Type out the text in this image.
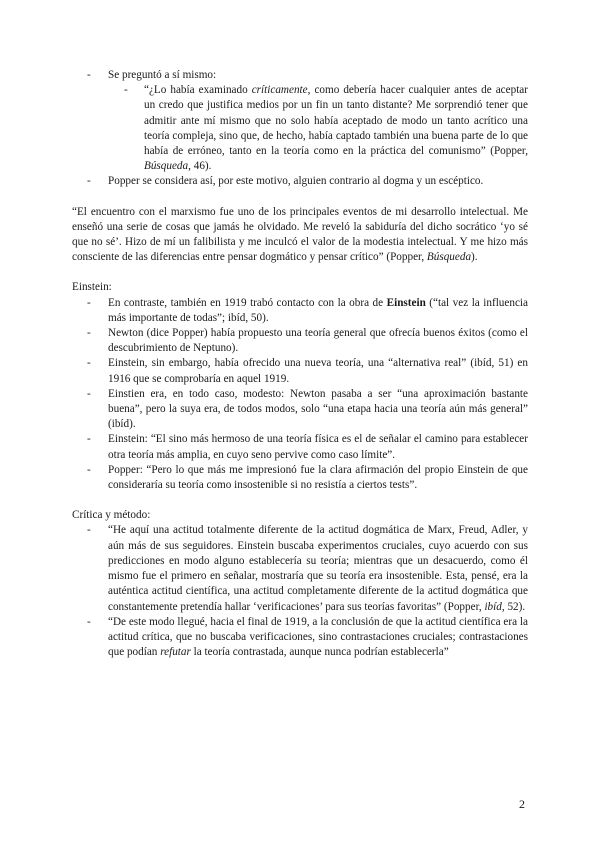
- Se preguntó a sí mismo:
- “¿Lo había examinado críticamente, como debería hacer cualquier antes de aceptar un credo que justifica medios por un fin un tanto distante? Me sorprendió tener que admitir ante mí mismo que no solo había aceptado de modo un tanto acrítico una teoría compleja, sino que, de hecho, había captado también una buena parte de lo que había de erróneo, tanto en la teoría como en la práctica del comunismo” (Popper, Búsqueda, 46).
- Popper se considera así, por este motivo, alguien contrario al dogma y un escéptico.
“El encuentro con el marxismo fue uno de los principales eventos de mi desarrollo intelectual. Me enseñó una serie de cosas que jamás he olvidado. Me reveló la sabiduría del dicho socrático ‘yo sé que no sé’. Hizo de mí un falibilista y me inculcó el valor de la modestia intelectual. Y me hizo más consciente de las diferencias entre pensar dogmático y pensar crítico” (Popper, Búsqueda).
Einstein:
- En contraste, también en 1919 trabó contacto con la obra de Einstein (“tal vez la influencia más importante de todas”; ibíd, 50).
- Newton (dice Popper) había propuesto una teoría general que ofrecía buenos éxitos (como el descubrimiento de Neptuno).
- Einstein, sin embargo, había ofrecido una nueva teoría, una “alternativa real” (ibíd, 51) en 1916 que se comprobaría en aquel 1919.
- Einstien era, en todo caso, modesto: Newton pasaba a ser “una aproximación bastante buena”, pero la suya era, de todos modos, solo “una etapa hacia una teoría aún más general” (ibíd).
- Einstein: “El sino más hermoso de una teoría física es el de señalar el camino para establecer otra teoría más amplia, en cuyo seno pervive como caso límite”.
- Popper: “Pero lo que más me impresionó fue la clara afirmación del propio Einstein de que consideraría su teoría como insostenible si no resistía a ciertos tests”.
Crítica y método:
- “He aquí una actitud totalmente diferente de la actitud dogmática de Marx, Freud, Adler, y aún más de sus seguidores. Einstein buscaba experimentos cruciales, cuyo acuerdo con sus predicciones en modo alguno establecería su teoría; mientras que un desacuerdo, como él mismo fue el primero en señalar, mostraría que su teoría era insostenible. Esta, pensé, era la auténtica actitud científica, una actitud completamente diferente de la actitud dogmática que constantemente pretendía hallar ‘verificaciones’ para sus teorías favoritas” (Popper, ibíd, 52).
- “De este modo llegué, hacia el final de 1919, a la conclusión de que la actitud científica era la actitud crítica, que no buscaba verificaciones, sino contrastaciones cruciales; contrastaciones que podían refutar la teoría contrastada, aunque nunca podrían establecerla”
2
